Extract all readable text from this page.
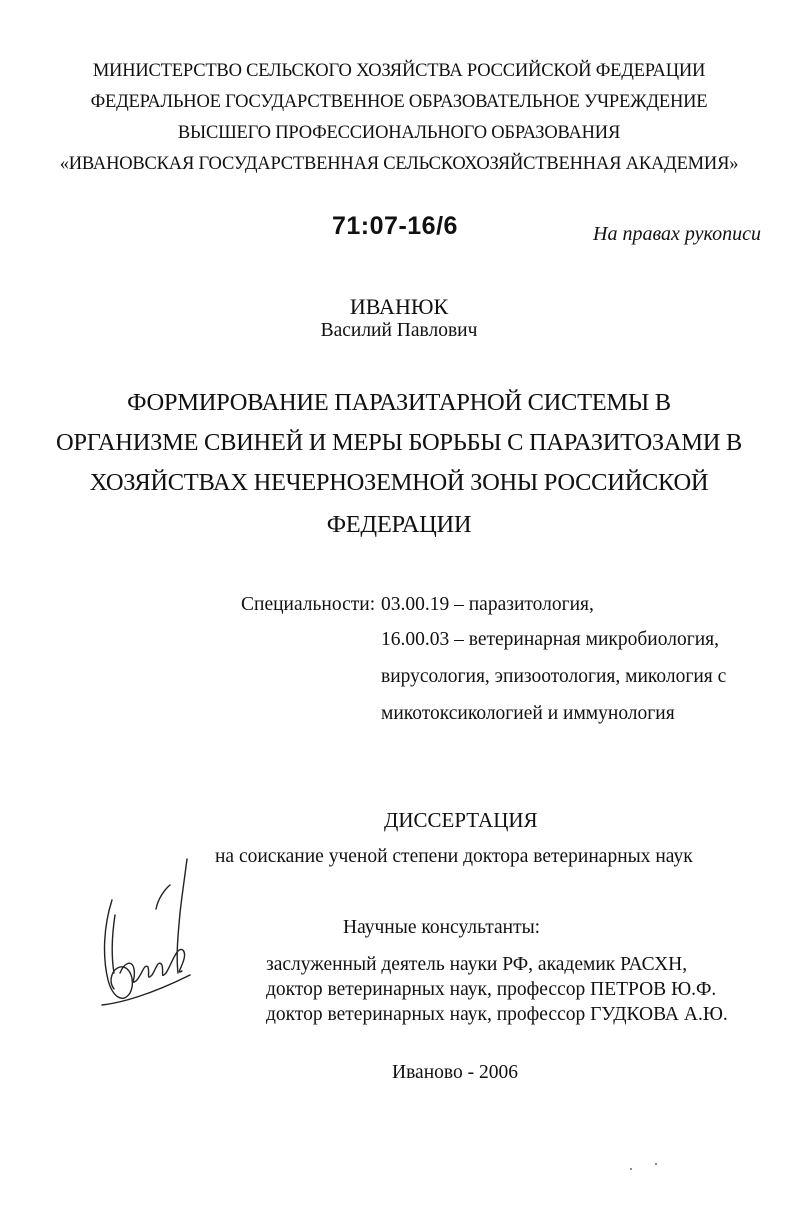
МИНИСТЕРСТВО СЕЛЬСКОГО ХОЗЯЙСТВА РОССИЙСКОЙ ФЕДЕРАЦИИ
ФЕДЕРАЛЬНОЕ ГОСУДАРСТВЕННОЕ ОБРАЗОВАТЕЛЬНОЕ УЧРЕЖДЕНИЕ
ВЫСШЕГО ПРОФЕССИОНАЛЬНОГО ОБРАЗОВАНИЯ
«ИВАНОВСКАЯ ГОСУДАРСТВЕННАЯ СЕЛЬСКОХОЗЯЙСТВЕННАЯ АКАДЕМИЯ»
71:07-16/6	На правах рукописи
ИВАНЮК
Василий Павлович
ФОРМИРОВАНИЕ ПАРАЗИТАРНОЙ СИСТЕМЫ В
ОРГАНИЗМЕ СВИНЕЙ И МЕРЫ БОРЬБЫ С ПАРАЗИТОЗАМИ В
ХОЗЯЙСТВАХ НЕЧЕРНОЗЕМНОЙ ЗОНЫ РОССИЙСКОЙ
ФЕДЕРАЦИИ
Специальности: 03.00.19 – паразитология,
16.00.03 – ветеринарная микробиология,
вирусология, эпизоотология, микология с
микотоксикологией и иммунология
ДИССЕРТАЦИЯ
на соискание ученой степени доктора ветеринарных наук
Научные консультанты:
заслуженный деятель науки РФ, академик РАСХН,
доктор ветеринарных наук, профессор ПЕТРОВ Ю.Ф.
доктор ветеринарных наук, профессор ГУДКОВА А.Ю.
Иваново - 2006
